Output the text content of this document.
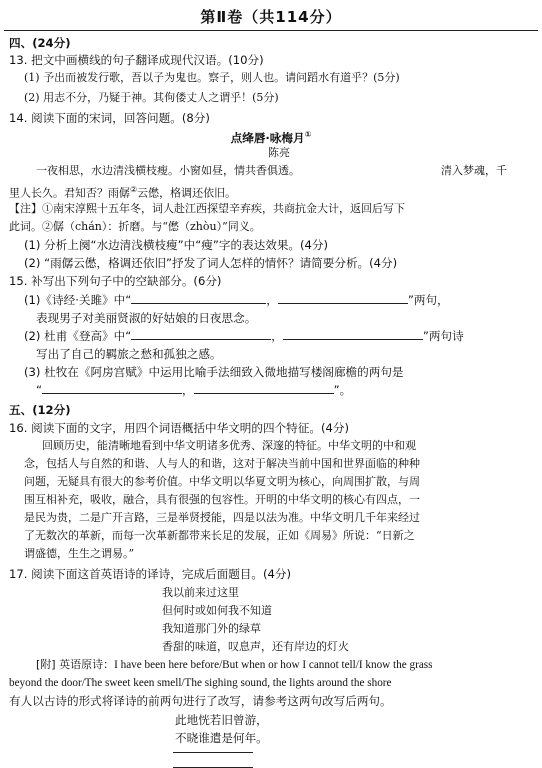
第Ⅱ卷（共114分）
四、(24分)
13. 把文中画横线的句子翻译成现代汉语。(10分)
(1) 予出而被发行歌，吾以子为鬼也。察子，则人也。请问蹈水有道乎？(5分)
(2) 用志不分，乃疑于神。其佝偻丈人之谓乎！(5分)
14. 阅读下面的宋词，回答问题。(8分)
点绛唇·咏梅月①
陈亮
一夜相思，水边清浅横枝瘦。小窗如昼，情共香俱透。	清入梦魂，千
里人长久。君知否？雨僝②云僽，格调还依旧。
【注】①南宋淳熙十五年冬，词人赴江西探望辛弃疾，共商抗金大计，返回后写下
此词。②僝（chán）：折磨。与“僽（zhòu）”同义。
(1) 分析上阕“水边清浅横枝瘦”中“瘦”字的表达效果。(4分)
(2) “雨僝云僽，格调还依旧”抒发了词人怎样的情怀？请简要分析。(4分)
15. 补写出下列句子中的空缺部分。(6分)
(1)《诗经·关雎》中“	，	”两句，
表现男子对美丽贤淑的好姑娘的日夜思念。
(2) 杜甫《登高》中“	，	”两句诗
写出了自己的羁旅之愁和孤独之感。
(3) 杜牧在《阿房宫赋》中运用比喻手法细致入微地描写楼阁廊檐的两句是
“	，	”。
五、(12分)
16. 阅读下面的文字，用四个词语概括中华文明的四个特征。(4分)
回顾历史，能清晰地看到中华文明诸多优秀、深邃的特征。中华文明的中和观
念，包括人与自然的和谐、人与人的和谐，这对于解决当前中国和世界面临的种种
问题，无疑具有很大的参考价值。中华文明以华夏文明为核心，向周围扩散，与周
围互相补充，吸收，融合，具有很强的包容性。开明的中华文明的核心有四点，一
是民为贵，二是广开言路，三是举贤授能，四是以法为准。中华文明几千年来经过
了无数次的革新，而每一次革新都带来长足的发展，正如《周易》所说：“日新之
谓盛德，生生之谓易。”
17. 阅读下面这首英语诗的译诗，完成后面题目。(4分)
我以前来过这里
但何时或如何我不知道
我知道那门外的绿草
香甜的味道，叹息声，还有岸边的灯火
[附] 英语原诗：I have been here before/But when or how I cannot tell/I know the grass
beyond the door/The sweet keen smell/The sighing sound, the lights around the shore
有人以古诗的形式将译诗的前两句进行了改写，请参考这两句改写后两句。
此地恍若旧曾游，
不晓谁遣是何年。
